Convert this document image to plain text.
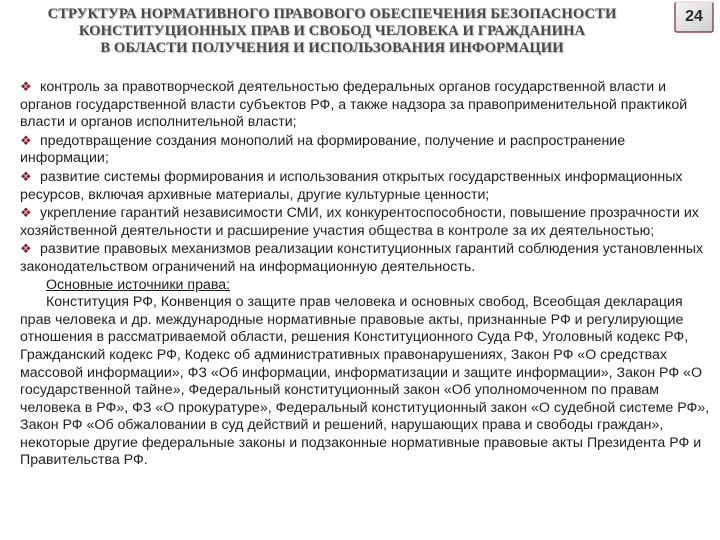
СТРУКТУРА НОРМАТИВНОГО ПРАВОВОГО ОБЕСПЕЧЕНИЯ БЕЗОПАСНОСТИ
КОНСТИТУЦИОННЫХ ПРАВ И СВОБОД ЧЕЛОВЕКА И ГРАЖДАНИНА
В ОБЛАСТИ ПОЛУЧЕНИЯ И ИСПОЛЬЗОВАНИЯ ИНФОРМАЦИИ
24

❖ контроль за правотворческой деятельностью федеральных органов государственной власти и органов государственной власти субъектов РФ, а также надзора за правоприменительной практикой власти и органов исполнительной власти;

❖ предотвращение создания монополий на формирование, получение и распространение информации;

❖ развитие системы формирования и использования открытых государственных информационных ресурсов, включая архивные материалы, другие культурные ценности;

❖ укрепление гарантий независимости СМИ, их конкурентоспособности, повышение прозрачности их хозяйственной деятельности и расширение участия общества в контроле за их деятельностью;

❖ развитие правовых механизмов реализации конституционных гарантий соблюдения установленных законодательством ограничений на информационную деятельность.

Основные источники права:

Конституция РФ, Конвенция о защите прав человека и основных свобод, Всеобщая декларация прав человека и др. международные нормативные правовые акты, признанные РФ и регулирующие отношения в рассматриваемой области, решения Конституционного Суда РФ, Уголовный кодекс РФ, Гражданский кодекс РФ, Кодекс об административных правонарушениях, Закон РФ «О средствах массовой информации», ФЗ «Об информации, информатизации и защите информации», Закон РФ «О государственной тайне», Федеральный конституционный закон «Об уполномоченном по правам человека в РФ», ФЗ «О прокуратуре», Федеральный конституционный закон «О судебной системе РФ», Закон РФ «Об обжаловании в суд действий и решений, нарушающих права и свободы граждан», некоторые другие федеральные законы и подзаконные нормативные правовые акты Президента РФ и Правительства РФ.
